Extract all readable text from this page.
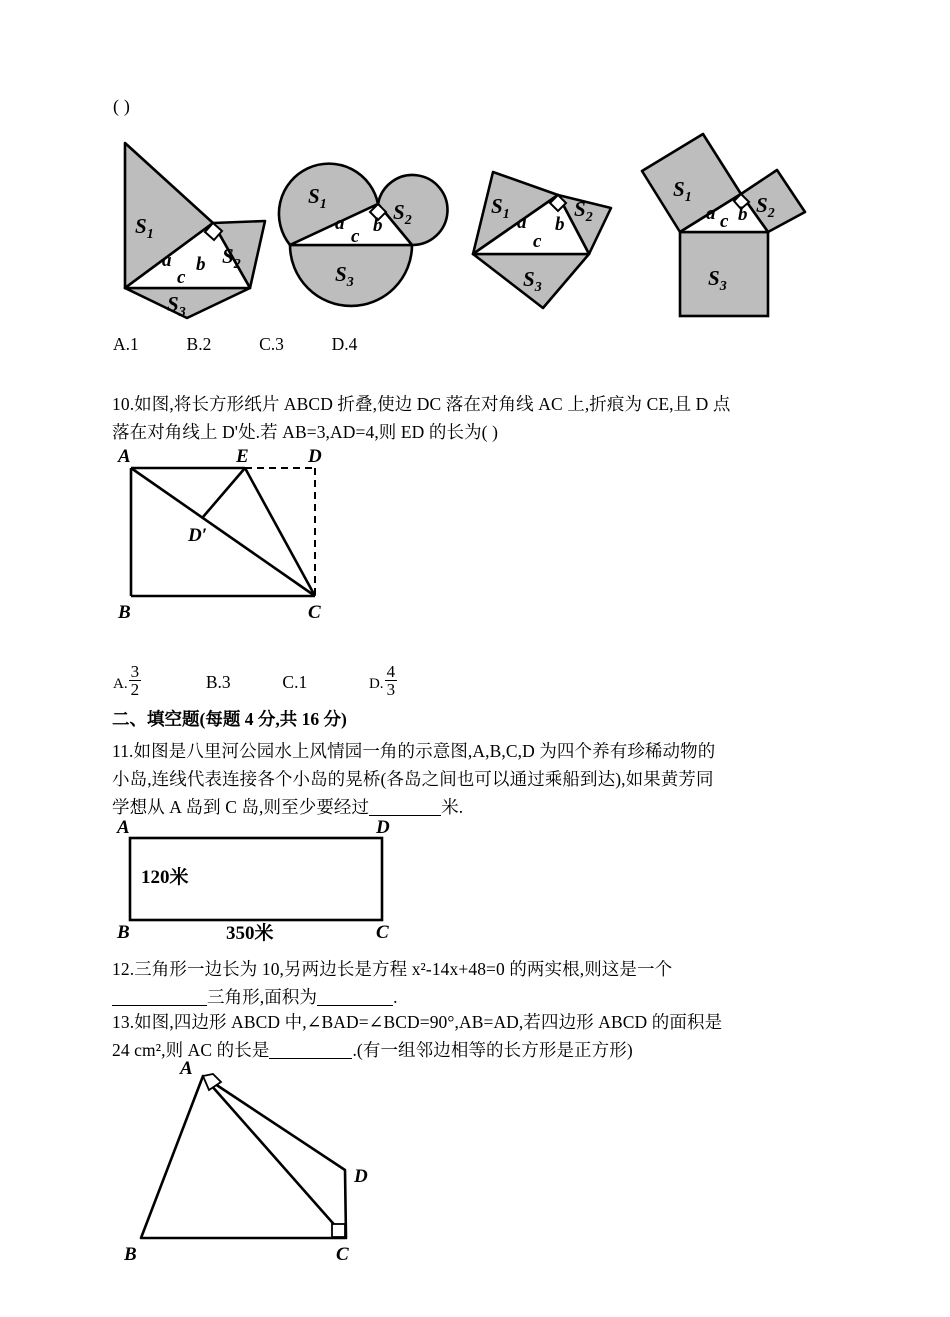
( )
$S_1$
$S_2$
$S_3$
a b
c
$S_1$	$S_2$
$S_3$
a b
c
$S_1$	$S_2$
$S_3$
a b
c
$S_1$	$S_2$
$S_3$
a b
c
A.1	B.2	C.3	D.4
10.如图,将长方形纸片 ABCD 折叠,使边 DC 落在对角线 AC 上,折痕为 CE,且 D 点
落在对角线上 D'处.若 AB=3,AD=4,则 ED 的长为( )
A	E	D
B	C
D′
A. $\frac{3}{2}$	B.3	C.1	D. $\frac{4}{3}$
二、填空题(每题 4 分,共 16 分)
11.如图是八里河公园水上风情园一角的示意图,A,B,C,D 为四个养有珍稀动物的
小岛,连线代表连接各个小岛的晃桥(各岛之间也可以通过乘船到达),如果黄芳同
学想从 A 岛到 C 岛,则至少要经过	米.
A	D
B	C
120米
350米
12.三角形一边长为 10,另两边长是方程 x²-14x+48=0 的两实根,则这是一个
三角形,面积为	.
13.如图,四边形 ABCD 中,∠BAD=∠BCD=90°,AB=AD,若四边形 ABCD 的面积是
24 cm²,则 AC 的长是	.(有一组邻边相等的长方形是正方形)
A
B	C
D
